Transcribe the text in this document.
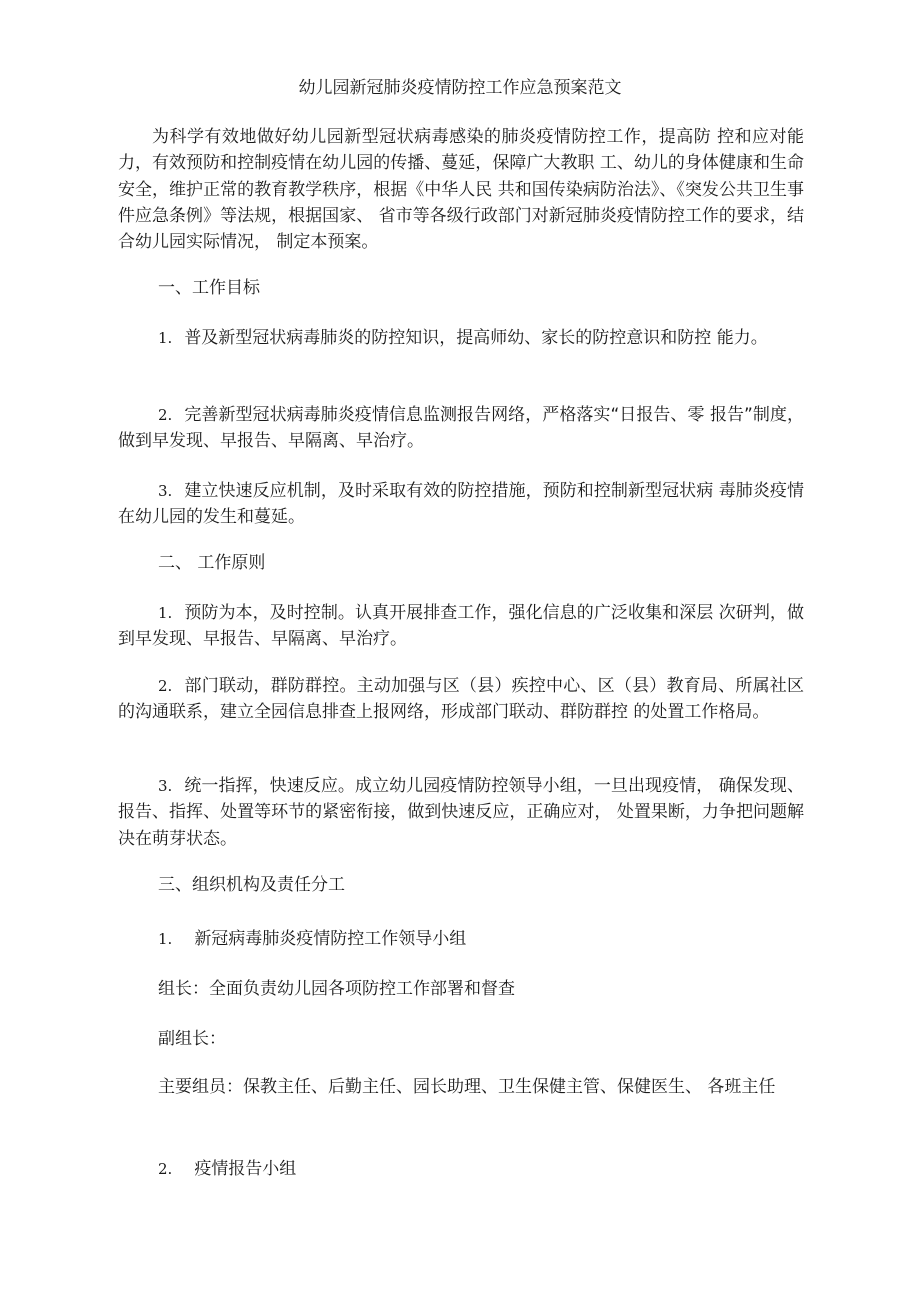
幼儿园新冠肺炎疫情防控工作应急预案范文

为科学有效地做好幼儿园新型冠状病毒感染的肺炎疫情防控工作，提高防 控和应对能力，有效预防和控制疫情在幼儿园的传播、蔓延，保障广大教职 工、幼儿的身体健康和生命安全，维护正常的教育教学秩序，根据《中华人民 共和国传染病防治法》、《突发公共卫生事件应急条例》等法规，根据国家、 省市等各级行政部门对新冠肺炎疫情防控工作的要求，结合幼儿园实际情况， 制定本预案。

一、工作目标

1. 普及新型冠状病毒肺炎的防控知识，提高师幼、家长的防控意识和防控 能力。

2. 完善新型冠状病毒肺炎疫情信息监测报告网络，严格落实“日报告、零 报告”制度，做到早发现、早报告、早隔离、早治疗。

3. 建立快速反应机制，及时采取有效的防控措施，预防和控制新型冠状病 毒肺炎疫情在幼儿园的发生和蔓延。

二、 工作原则

1. 预防为本，及时控制。认真开展排查工作，强化信息的广泛收集和深层 次研判，做到早发现、早报告、早隔离、早治疗。

2. 部门联动，群防群控。主动加强与区（县）疾控中心、区（县）教育局、所属社区的沟通联系，建立全园信息排查上报网络，形成部门联动、群防群控 的处置工作格局。

3. 统一指挥，快速反应。成立幼儿园疫情防控领导小组，一旦出现疫情， 确保发现、报告、指挥、处置等环节的紧密衔接，做到快速反应，正确应对， 处置果断，力争把问题解决在萌芽状态。

三、组织机构及责任分工

1. 新冠病毒肺炎疫情防控工作领导小组

组长：全面负责幼儿园各项防控工作部署和督查

副组长：

主要组员：保教主任、后勤主任、园长助理、卫生保健主管、保健医生、 各班主任

2. 疫情报告小组
